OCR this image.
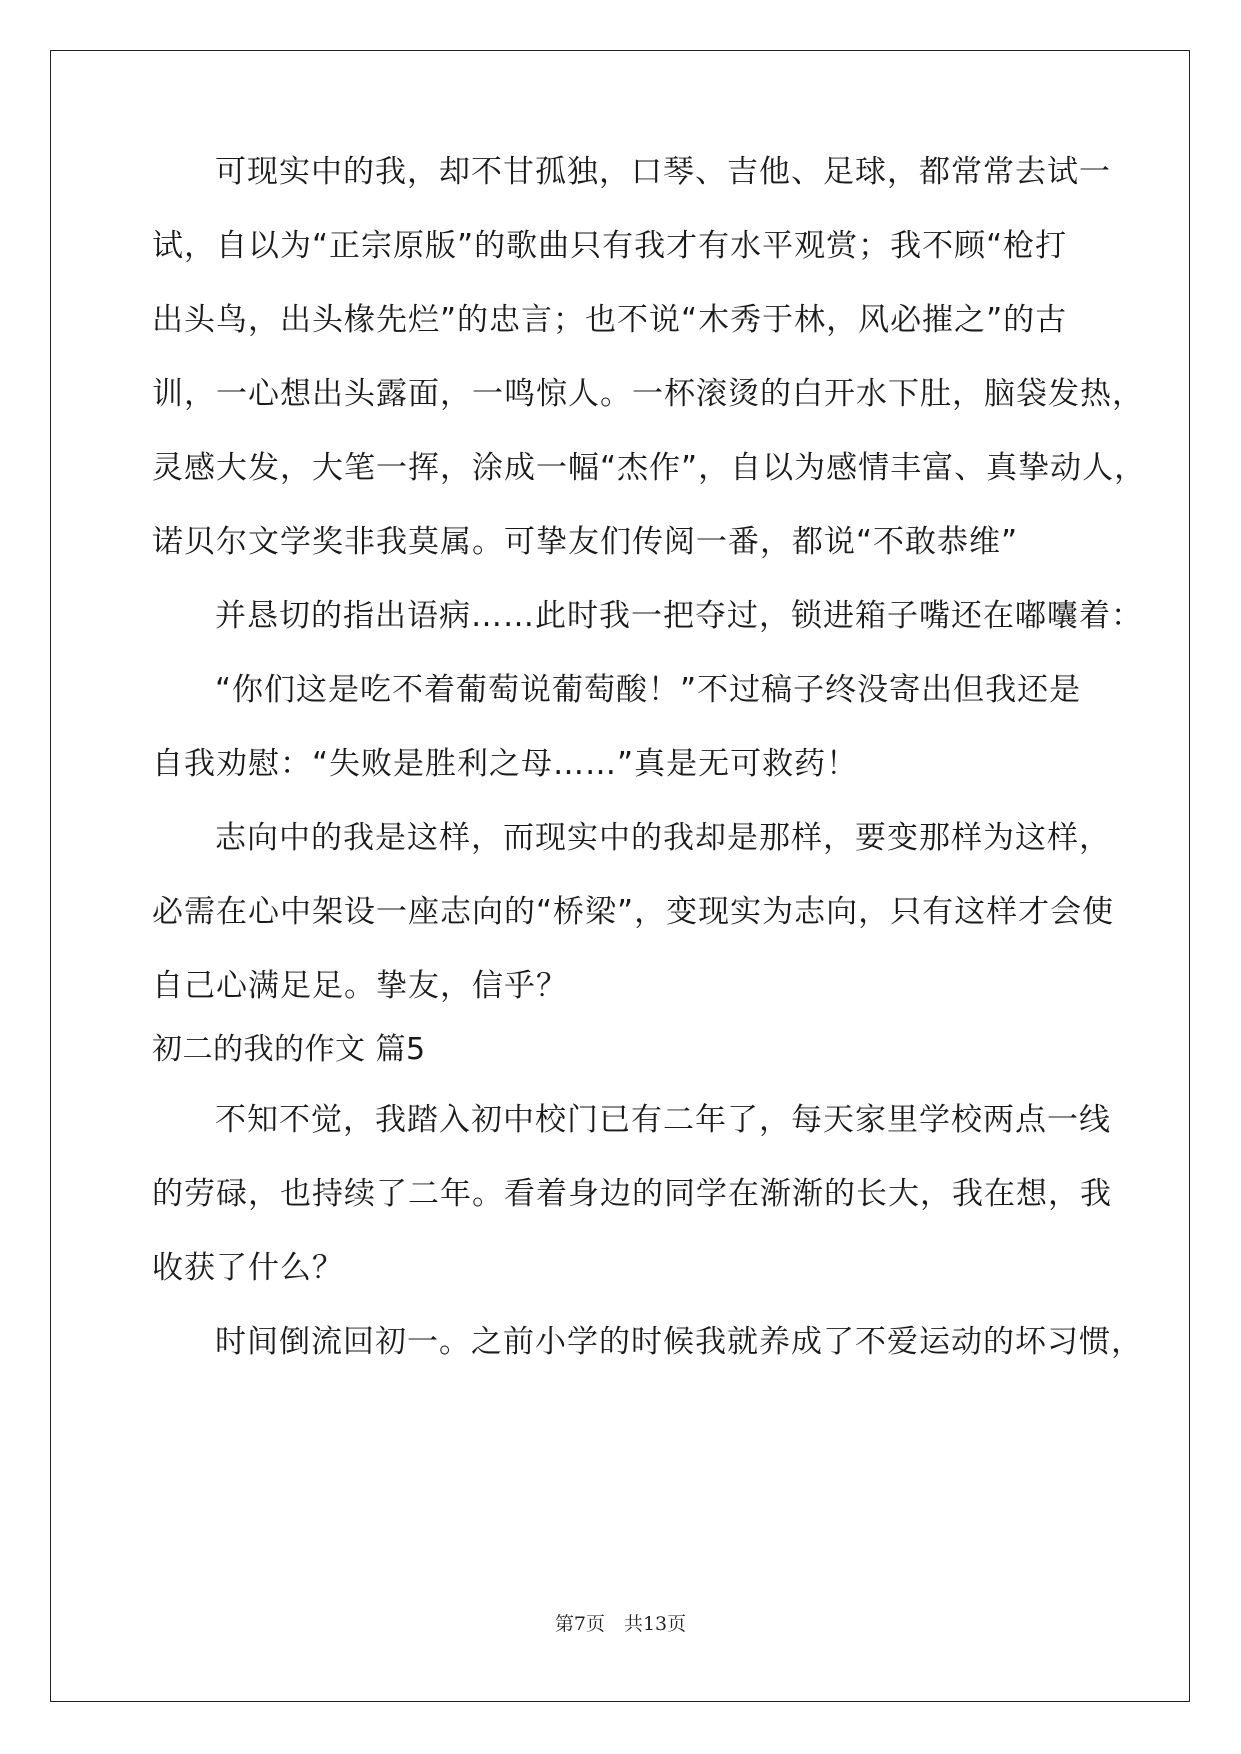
可现实中的我，却不甘孤独，口琴、吉他、足球，都常常去试一
试，自以为“正宗原版”的歌曲只有我才有水平观赏；我不顾“枪打
出头鸟，出头椽先烂”的忠言；也不说“木秀于林，风必摧之”的古
训，一心想出头露面，一鸣惊人。一杯滚烫的白开水下肚，脑袋发热，
灵感大发，大笔一挥，涂成一幅“杰作”，自以为感情丰富、真挚动人，
诺贝尔文学奖非我莫属。可挚友们传阅一番，都说“不敢恭维”
并恳切的指出语病……此时我一把夺过，锁进箱子嘴还在嘟囔着：
“你们这是吃不着葡萄说葡萄酸！”不过稿子终没寄出但我还是
自我劝慰：“失败是胜利之母……”真是无可救药！
志向中的我是这样，而现实中的我却是那样，要变那样为这样，
必需在心中架设一座志向的“桥梁”，变现实为志向，只有这样才会使
自己心满足足。挚友，信乎？
初二的我的作文 篇5
不知不觉，我踏入初中校门已有二年了，每天家里学校两点一线
的劳碌，也持续了二年。看着身边的同学在渐渐的长大，我在想，我
收获了什么？
时间倒流回初一。之前小学的时候我就养成了不爱运动的坏习惯，
第7页　共13页
